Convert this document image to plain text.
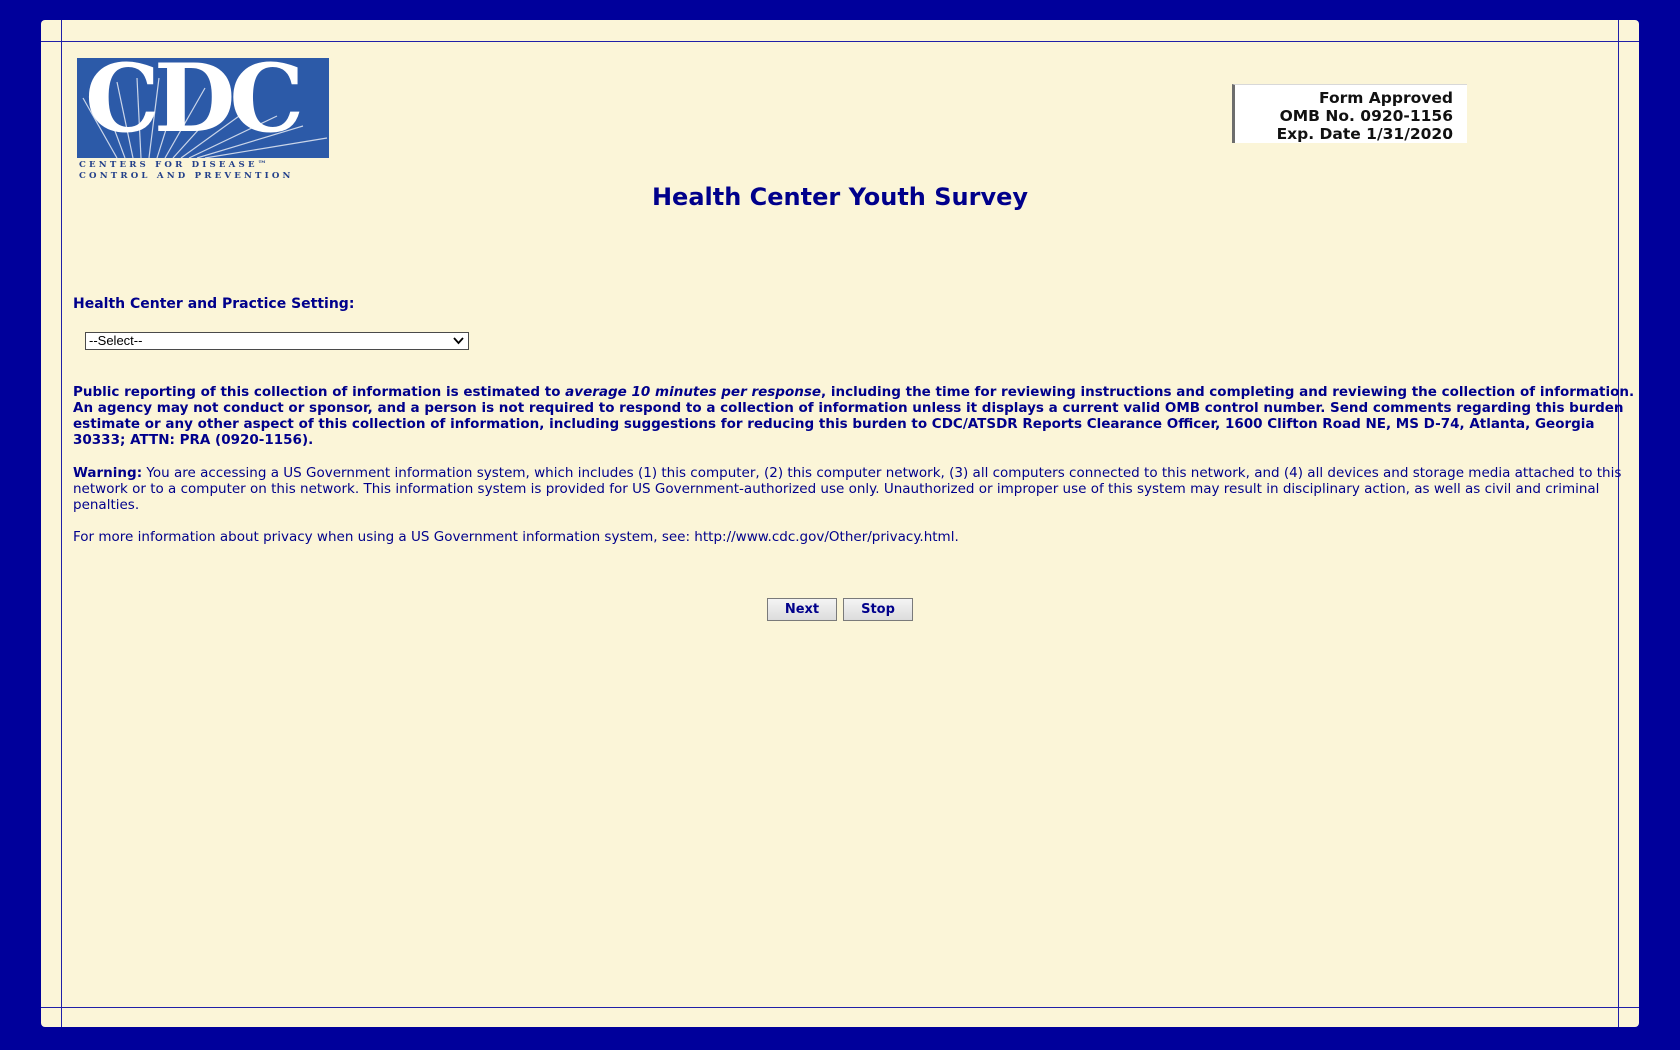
CDC
CENTERS FOR DISEASE™
CONTROL AND PREVENTION
Form Approved
OMB No. 0920-1156
Exp. Date 1/31/2020
Health Center Youth Survey
Health Center and Practice Setting:
--Select--
Public reporting of this collection of information is estimated to average 10 minutes per response, including the time for reviewing instructions and completing and reviewing the collection of information. An agency may not conduct or sponsor, and a person is not required to respond to a collection of information unless it displays a current valid OMB control number. Send comments regarding this burden estimate or any other aspect of this collection of information, including suggestions for reducing this burden to CDC/ATSDR Reports Clearance Officer, 1600 Clifton Road NE, MS D-74, Atlanta, Georgia 30333; ATTN: PRA (0920-1156).
Warning: You are accessing a US Government information system, which includes (1) this computer, (2) this computer network, (3) all computers connected to this network, and (4) all devices and storage media attached to this network or to a computer on this network. This information system is provided for US Government-authorized use only. Unauthorized or improper use of this system may result in disciplinary action, as well as civil and criminal penalties.
For more information about privacy when using a US Government information system, see: http://www.cdc.gov/Other/privacy.html.
Next	Stop
